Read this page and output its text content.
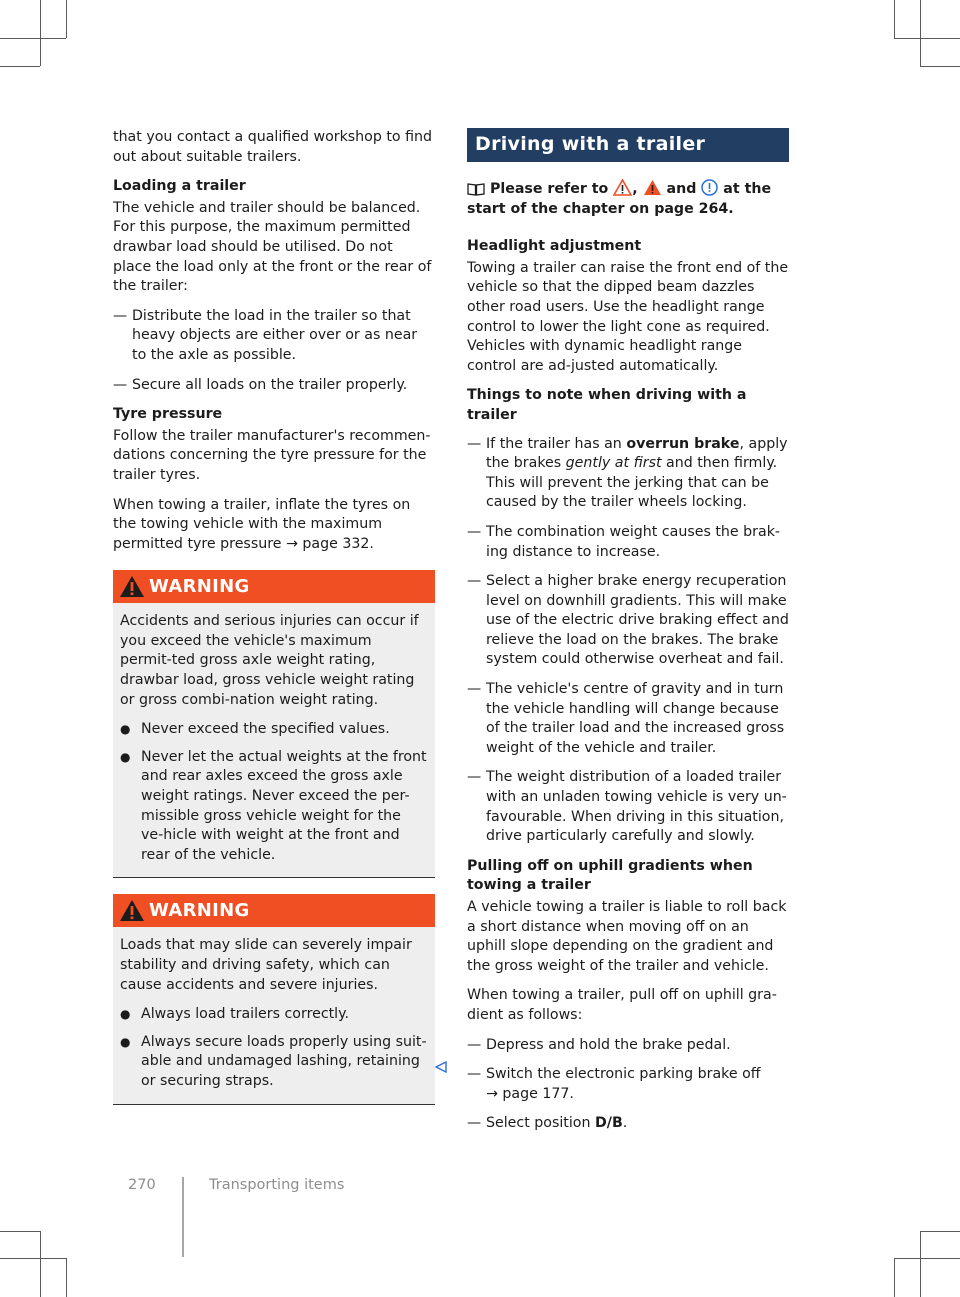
that you contact a qualified workshop to find out about suitable trailers.

Loading a trailer

The vehicle and trailer should be balanced. For this purpose, the maximum permitted drawbar load should be utilised. Do not place the load only at the front or the rear of the trailer:

— Distribute the load in the trailer so that heavy objects are either over or as near to the axle as possible.
— Secure all loads on the trailer properly.
Tyre pressure

Follow the trailer manufacturer's recommen-dations concerning the tyre pressure for the trailer tyres.

When towing a trailer, inflate the tyres on the towing vehicle with the maximum permitted tyre pressure → page 332.

WARNING

Accidents and serious injuries can occur if you exceed the vehicle's maximum permit-ted gross axle weight rating, drawbar load, gross vehicle weight rating or gross combi-nation weight rating.

● Never exceed the specified values.
● Never let the actual weights at the front and rear axles exceed the gross axle weight ratings. Never exceed the per-missible gross vehicle weight for the ve-hicle with weight at the front and rear of the vehicle.
WARNING

Loads that may slide can severely impair stability and driving safety, which can cause accidents and severe injuries.

● Always load trailers correctly.
● Always secure loads properly using suit-able and undamaged lashing, retaining or securing straps.
Driving with a trailer
Please refer to , and at the start of the chapter on page 264.
Headlight adjustment

Towing a trailer can raise the front end of the vehicle so that the dipped beam dazzles other road users. Use the headlight range control to lower the light cone as required. Vehicles with dynamic headlight range control are ad-justed automatically.

Things to note when driving with a trailer
— If the trailer has an overrun brake, apply the brakes gently at first and then firmly. This will prevent the jerking that can be caused by the trailer wheels locking.
— The combination weight causes the brak-ing distance to increase.
— Select a higher brake energy recuperation level on downhill gradients. This will make use of the electric drive braking effect and relieve the load on the brakes. The brake system could otherwise overheat and fail.
— The vehicle's centre of gravity and in turn the vehicle handling will change because of the trailer load and the increased gross weight of the vehicle and trailer.
— The weight distribution of a loaded trailer with an unladen towing vehicle is very un-favourable. When driving in this situation, drive particularly carefully and slowly.
Pulling off on uphill gradients when towing a trailer

A vehicle towing a trailer is liable to roll back a short distance when moving off on an uphill slope depending on the gradient and the gross weight of the trailer and vehicle.

When towing a trailer, pull off on uphill gra-dient as follows:

— Depress and hold the brake pedal.
— Switch the electronic parking brake off
→ page 177.
— Select position D/B.
270	Transporting items
